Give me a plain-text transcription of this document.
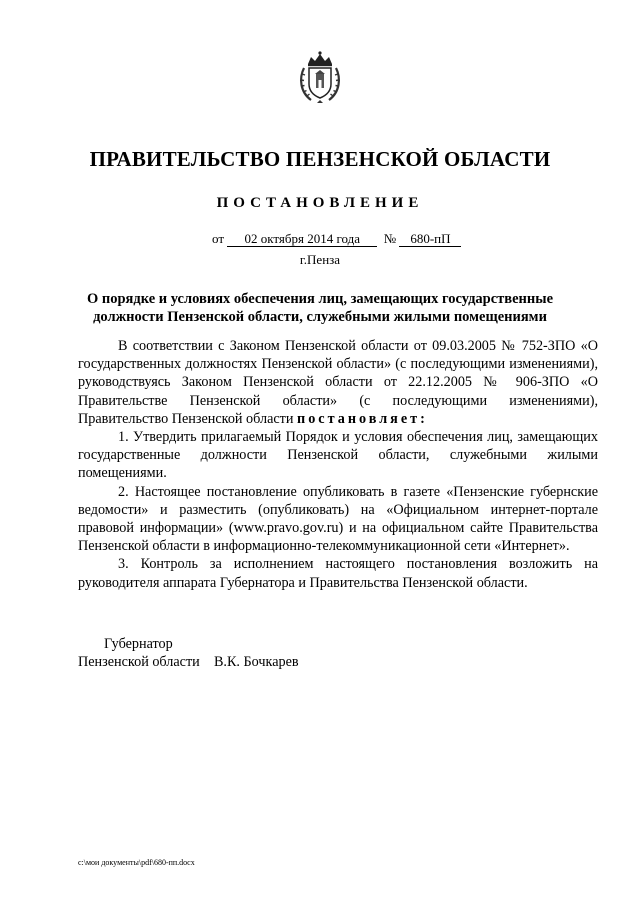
ПРАВИТЕЛЬСТВО ПЕНЗЕНСКОЙ ОБЛАСТИ
ПОСТАНОВЛЕНИЕ
от 02 октября 2014 года № 680-пП
г.Пенза
О порядке и условиях обеспечения лиц, замещающих государственные должности Пензенской области, служебными жилыми помещениями

В соответствии с Законом Пензенской области от 09.03.2005 № 752-ЗПО «О государственных должностях Пензенской области» (с последующими изменениями), руководствуясь Законом Пензенской области от 22.12.2005 № 906-ЗПО «О Правительстве Пензенской области» (с последующими изменениями), Правительство Пензенской области постановляет:

1. Утвердить прилагаемый Порядок и условия обеспечения лиц, замещающих государственные должности Пензенской области, служебными жилыми помещениями.

2. Настоящее постановление опубликовать в газете «Пензенские губернские ведомости» и разместить (опубликовать) на «Официальном интернет-портале правовой информации» (www.pravo.gov.ru) и на официальном сайте Правительства Пензенской области в информационно-телекоммуникационной сети «Интернет».

3. Контроль за исполнением настоящего постановления возложить на руководителя аппарата Губернатора и Правительства Пензенской области.

Губернатор
Пензенской области В.К. Бочкарев
c:\мои документы\pdf\680-пп.docx
